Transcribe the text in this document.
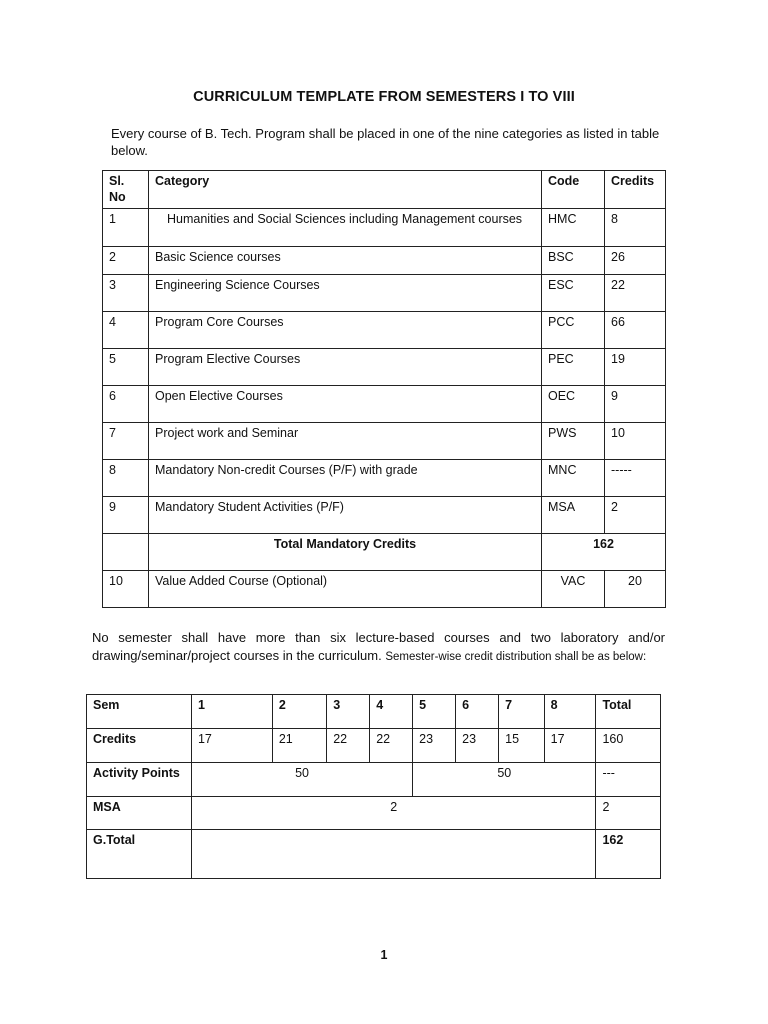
CURRICULUM TEMPLATE FROM SEMESTERS I TO VIII
Every course of B. Tech. Program shall be placed in one of the nine categories as listed in table below.
Sl. No	Category	Code	Credits
1	Humanities and Social Sciences including Management courses	HMC	8
2	Basic Science courses	BSC	26
3	Engineering Science Courses	ESC	22
4	Program Core Courses	PCC	66
5	Program Elective Courses	PEC	19
6	Open Elective Courses	OEC	9
7	Project work and Seminar	PWS	10
8	Mandatory Non-credit Courses (P/F) with grade	MNC	-----
9	Mandatory Student Activities (P/F)	MSA	2
	Total Mandatory Credits	162	
10	Value Added Course (Optional)	VAC	20
No semester shall have more than six lecture-based courses and two laboratory and/or drawing/seminar/project courses in the curriculum. Semester-wise credit distribution shall be as below:
Sem	1	2	3	4	5	6	7	8	Total
Credits	17	21	22	22	23	23	15	17	160
Activity Points	50				50				---
MSA	2								2
G.Total									162
1
